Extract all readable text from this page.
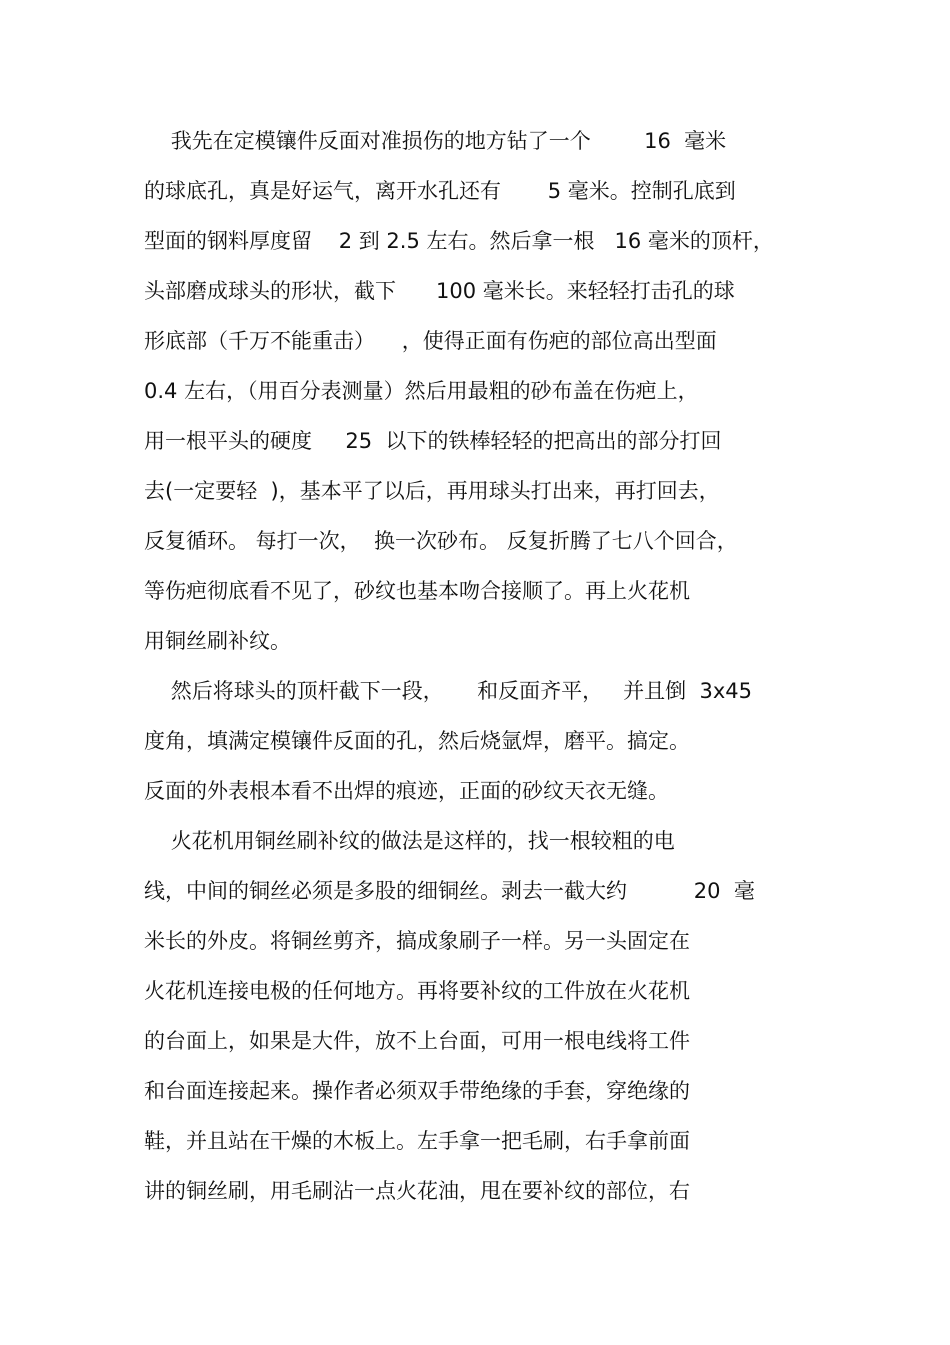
我先在定模镶件反面对准损伤的地方钻了一个        16  毫米
的球底孔，真是好运气，离开水孔还有       5 毫米。控制孔底到
型面的钢料厚度留    2 到 2.5 左右。然后拿一根   16 毫米的顶杆，
头部磨成球头的形状，截下      100 毫米长。来轻轻打击孔的球
形底部（千万不能重击）    ，使得正面有伤疤的部位高出型面
0.4 左右，（用百分表测量）然后用最粗的砂布盖在伤疤上，
用一根平头的硬度     25  以下的铁棒轻轻的把高出的部分打回
去(一定要轻  )，基本平了以后，再用球头打出来，再打回去，
反复循环。 每打一次，  换一次砂布。 反复折腾了七八个回合，
等伤疤彻底看不见了，砂纹也基本吻合接顺了。再上火花机
用铜丝刷补纹。
然后将球头的顶杆截下一段，     和反面齐平，   并且倒  3x45
度角，填满定模镶件反面的孔，然后烧氩焊，磨平。搞定。
反面的外表根本看不出焊的痕迹，正面的砂纹天衣无缝。
火花机用铜丝刷补纹的做法是这样的，找一根较粗的电
线，中间的铜丝必须是多股的细铜丝。剥去一截大约          20  毫
米长的外皮。将铜丝剪齐，搞成象刷子一样。另一头固定在
火花机连接电极的任何地方。再将要补纹的工件放在火花机
的台面上，如果是大件，放不上台面，可用一根电线将工件
和台面连接起来。操作者必须双手带绝缘的手套，穿绝缘的
鞋，并且站在干燥的木板上。左手拿一把毛刷，右手拿前面
讲的铜丝刷，用毛刷沾一点火花油，甩在要补纹的部位，右
